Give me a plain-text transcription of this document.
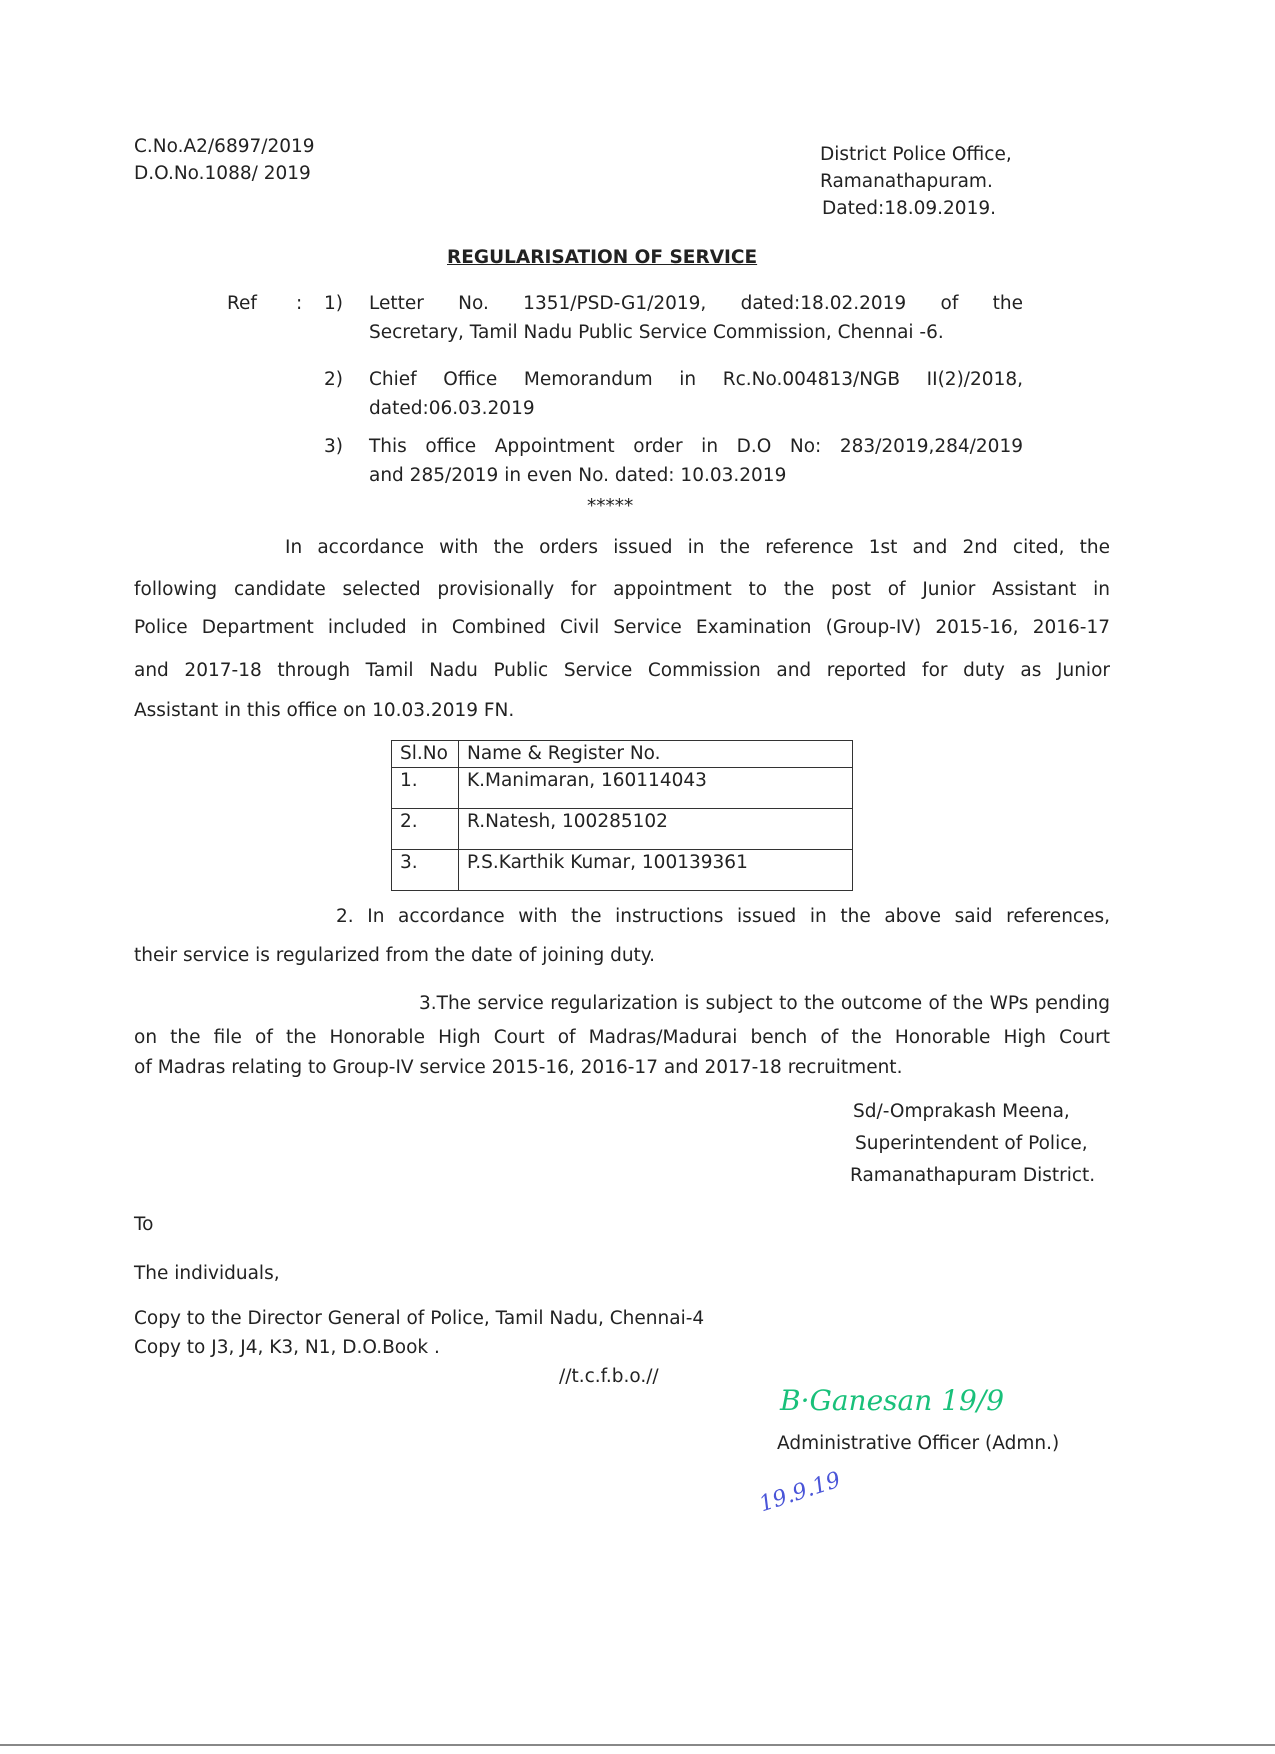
C.No.A2/6897/2019
D.O.No.1088/ 2019
District Police Office,
Ramanathapuram.
Dated:18.09.2019.
REGULARISATION OF SERVICE
Ref : 1) Letter No. 1351/PSD-G1/2019, dated:18.02.2019 of the
Secretary, Tamil Nadu Public Service Commission, Chennai -6.
2) Chief Office Memorandum in Rc.No.004813/NGB II(2)/2018,
dated:06.03.2019
3) This office Appointment order in D.O No: 283/2019,284/2019
and 285/2019 in even No. dated: 10.03.2019
*****
In accordance with the orders issued in the reference 1st and 2nd cited, the
following candidate selected provisionally for appointment to the post of Junior Assistant in
Police Department included in Combined Civil Service Examination (Group-IV) 2015-16, 2016-17
and 2017-18 through Tamil Nadu Public Service Commission and reported for duty as Junior
Assistant in this office on 10.03.2019 FN.
Sl.No	Name & Register No.
1.	K.Manimaran, 160114043
2.	R.Natesh, 100285102
3.	P.S.Karthik Kumar, 100139361
2. In accordance with the instructions issued in the above said references,
their service is regularized from the date of joining duty.
3.The service regularization is subject to the outcome of the WPs pending
on the file of the Honorable High Court of Madras/Madurai bench of the Honorable High Court
of Madras relating to Group-IV service 2015-16, 2016-17 and 2017-18 recruitment.
Sd/-Omprakash Meena,
Superintendent of Police,
Ramanathapuram District.
To
The individuals,
Copy to the Director General of Police, Tamil Nadu, Chennai-4
Copy to J3, J4, K3, N1, D.O.Book .
//t.c.f.b.o.//
B·Ganesan 19/9
Administrative Officer (Admn.)
19.9.19
